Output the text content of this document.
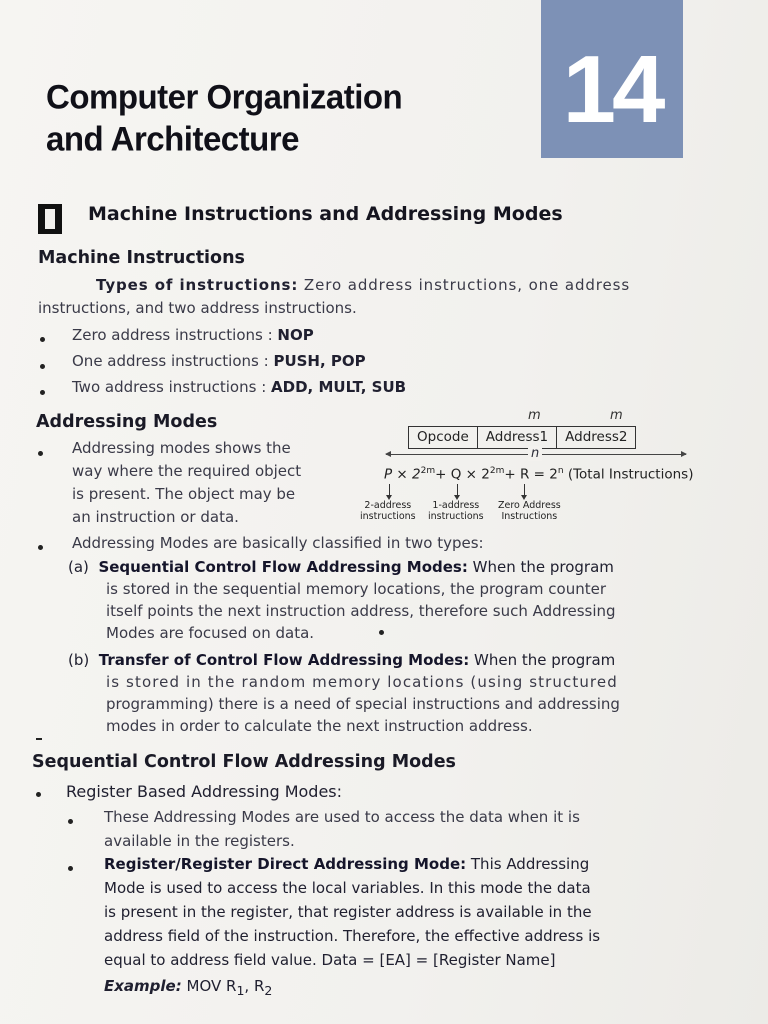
Computer Organization
and Architecture	14
Machine Instructions and Addressing Modes
Machine Instructions
Types of instructions: Zero address instructions, one address
instructions, and two address instructions.
Zero address instructions : NOP
One address instructions : PUSH, POP
Two address instructions : ADD, MULT, SUB
Addressing Modes
Addressing modes shows the
way where the required object
is present. The object may be
an instruction or data.
m	m
Opcode	Address1	Address2
n
$P \times 2^{2m}+ Q \times 2^{2m}+ R = 2^n$ (Total Instructions)
2-address
instructions
1-address
instructions
Zero Address
Instructions
Addressing Modes are basically classified in two types:
(a) Sequential Control Flow Addressing Modes: When the program
is stored in the sequential memory locations, the program counter
itself points the next instruction address, therefore such Addressing
Modes are focused on data.
(b) Transfer of Control Flow Addressing Modes: When the program
is stored in the random memory locations (using structured
programming) there is a need of special instructions and addressing
modes in order to calculate the next instruction address.
Sequential Control Flow Addressing Modes
Register Based Addressing Modes:
These Addressing Modes are used to access the data when it is
available in the registers.
Register/Register Direct Addressing Mode: This Addressing
Mode is used to access the local variables. In this mode the data
is present in the register, that register address is available in the
address field of the instruction. Therefore, the effective address is
equal to address field value. Data = [EA] = [Register Name]
Example: MOV $R_1$, $R_2$
